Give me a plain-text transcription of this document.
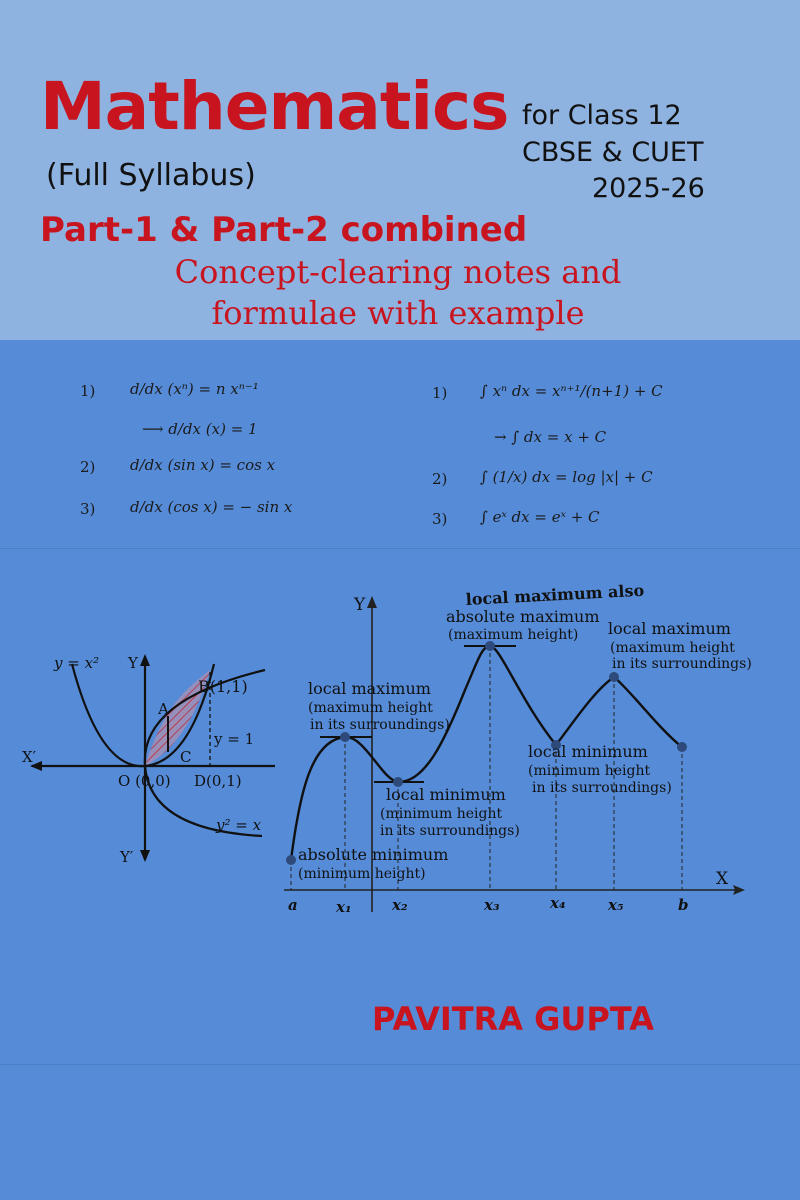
Mathematics for Class 12
CBSE & CUET
2025-26
(Full Syllabus)
Part-1 & Part-2 combined
Concept-clearing notes and
formulae with example
1) d/dx (xⁿ) = n xⁿ⁻¹
⟶ d/dx (x) = 1
2) d/dx (sin x) = cos x
3) d/dx (cos x) = − sin x
1) ∫ xⁿ dx = xⁿ⁺¹/(n+1) + C
→ ∫ dx = x + C
2) ∫ (1/x) dx = log |x| + C
3) ∫ eˣ dx = eˣ + C
y = x²
y² = x
Y
Y′
X′
B(1,1)
A
C
O (0,0) D(0,1)
y = 1
Y
X
local maximum also
absolute maximum
(maximum height)
local maximum
(maximum height
in its surroundings)
local maximum
(maximum height
in its surroundings)
local minimum
(minimum height
in its surroundings)
local minimum
(minimum height
in its surroundings)
absolute minimum
(minimum height)
a	x₁	x₂	x₃	x₄	x₅	b
PAVITRA GUPTA
